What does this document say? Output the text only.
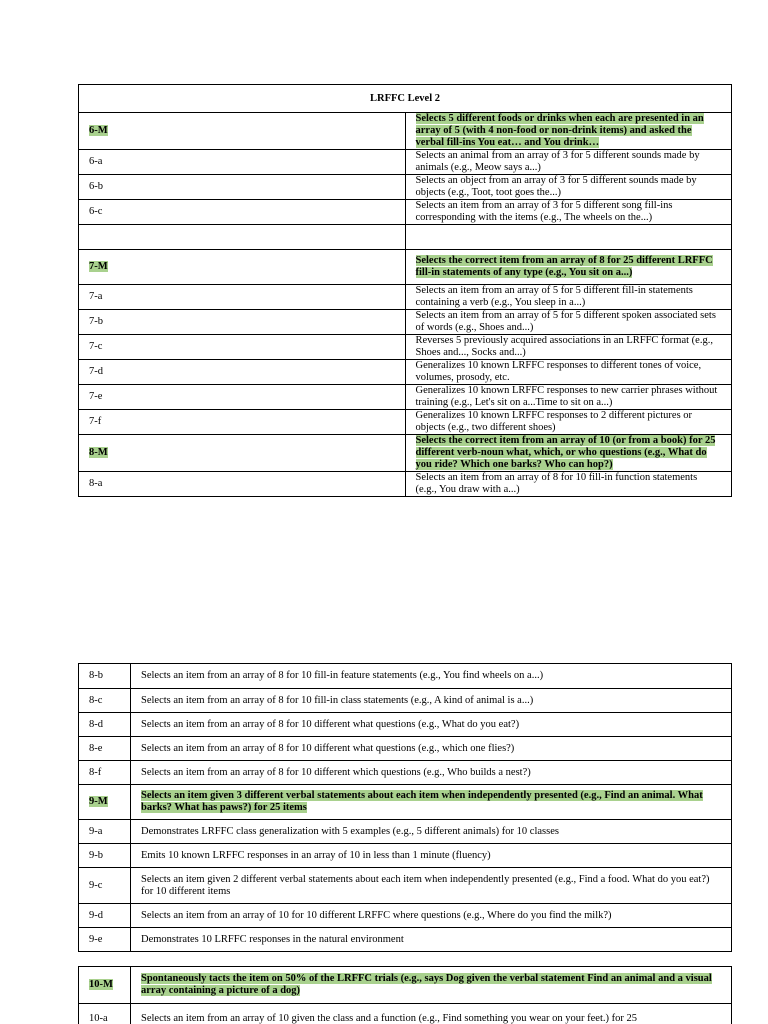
LRFFC Level 2	
6-M	Selects 5 different foods or drinks when each are presented in an array of 5 (with 4 non-food or non-drink items) and asked the verbal fill-ins You eat… and You drink…
6-a	Selects an animal from an array of 3 for 5 different sounds made by animals (e.g., Meow says a...)
6-b	Selects an object from an array of 3 for 5 different sounds made by objects (e.g., Toot, toot goes the...)
6-c	Selects an item from an array of 3 for 5 different song fill-ins corresponding with the items (e.g., The wheels on the...)

7-M	Selects the correct item from an array of 8 for 25 different LRFFC fill-in statements of any type (e.g., You sit on a...)
7-a	Selects an item from an array of 5 for 5 different fill-in statements containing a verb (e.g., You sleep in a...)
7-b	Selects an item from an array of 5 for 5 different spoken associated sets of words (e.g., Shoes and...)
7-c	Reverses 5 previously acquired associations in an LRFFC format (e.g., Shoes and..., Socks and...)
7-d	Generalizes 10 known LRFFC responses to different tones of voice, volumes, prosody, etc.
7-e	Generalizes 10 known LRFFC responses to new carrier phrases without training (e.g., Let's sit on a...Time to sit on a...)
7-f	Generalizes 10 known LRFFC responses to 2 different pictures or objects (e.g., two different shoes)
8-M	Selects the correct item from an array of 10 (or from a book) for 25 different verb-noun what, which, or who questions (e.g., What do you ride? Which one barks? Who can hop?)
8-a	Selects an item from an array of 8 for 10 fill-in function statements (e.g., You draw with a...)
8-b	Selects an item from an array of 8 for 10 fill-in feature statements (e.g., You find wheels on a...)
8-c	Selects an item from an array of 8 for 10 fill-in class statements (e.g., A kind of animal is a...)
8-d	Selects an item from an array of 8 for 10 different what questions (e.g., What do you eat?)
8-e	Selects an item from an array of 8 for 10 different what questions (e.g., which one flies?)
8-f	Selects an item from an array of 8 for 10 different which questions (e.g., Who builds a nest?)
9-M	Selects an item given 3 different verbal statements about each item when independently presented (e.g., Find an animal. What barks? What has paws?) for 25 items
9-a	Demonstrates LRFFC class generalization with 5 examples (e.g., 5 different animals) for 10 classes
9-b	Emits 10 known LRFFC responses in an array of 10 in less than 1 minute (fluency)
9-c	Selects an item given 2 different verbal statements about each item when independently presented (e.g., Find a food. What do you eat?) for 10 different items
9-d	Selects an item from an array of 10 for 10 different LRFFC where questions (e.g., Where do you find the milk?)
9-e	Demonstrates 10 LRFFC responses in the natural environment
10-M	Spontaneously tacts the item on 50% of the LRFFC trials (e.g., says Dog given the verbal statement Find an animal and a visual array containing a picture of a dog)
10-a	Selects an item from an array of 10 given the class and a function (e.g., Find something you wear on your feet.) for 25
